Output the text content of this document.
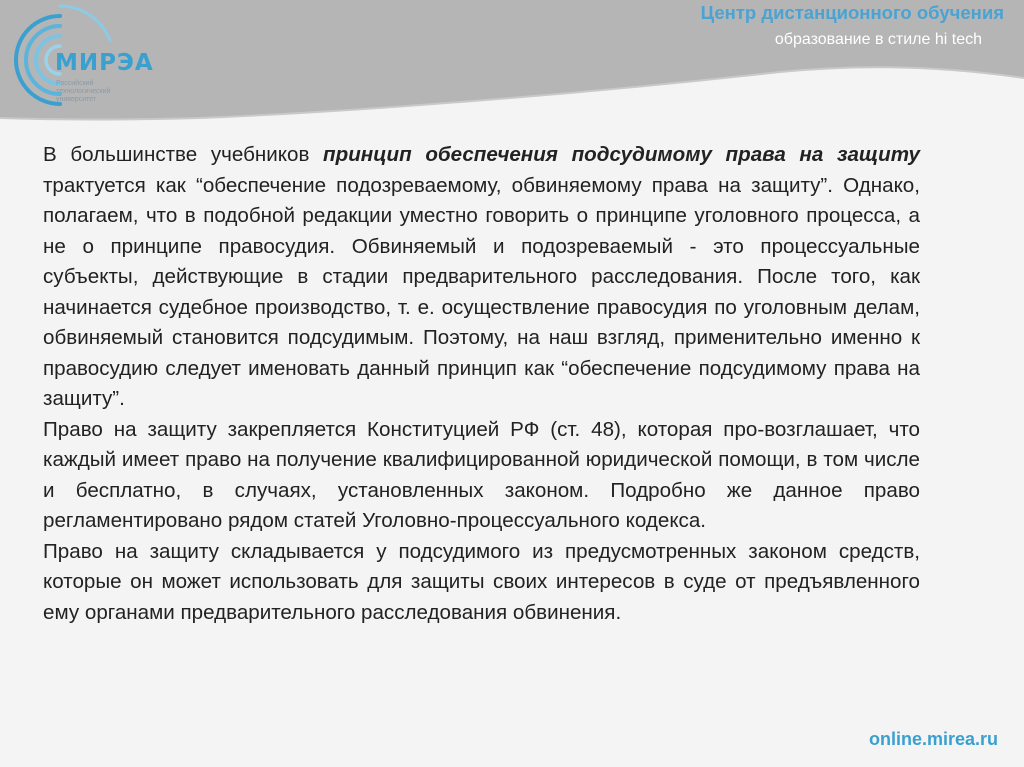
МИРЭА
Российский
технологический
университет
Центр дистанционного обучения
образование в стиле hi tech

В большинстве учебников принцип обеспечения подсудимому права на защиту трактуется как “обеспечение подозреваемому, обвиняемому права на защиту”. Однако, полагаем, что в подобной редакции уместно говорить о принципе уголовного процесса, а не о принципе правосудия. Обвиняемый и подозреваемый - это процессуальные субъекты, действующие в стадии предварительного расследования. После того, как начинается судебное производство, т. е. осуществление правосудия по уголовным делам, обвиняемый становится подсудимым. Поэтому, на наш взгляд, применительно именно к правосудию следует именовать данный принцип как “обеспечение подсудимому права на защиту”.

Право на защиту закрепляется Конституцией РФ (ст. 48), которая про-возглашает, что каждый имеет право на получение квалифицированной юридической помощи, в том числе и бесплатно, в случаях, установленных законом. Подробно же данное право регламентировано рядом статей Уголовно-процессуального кодекса.

Право на защиту складывается у подсудимого из предусмотренных законом средств, которые он может использовать для защиты своих интересов в суде от предъявленного ему органами предварительного расследования обвинения.

online.mirea.ru
